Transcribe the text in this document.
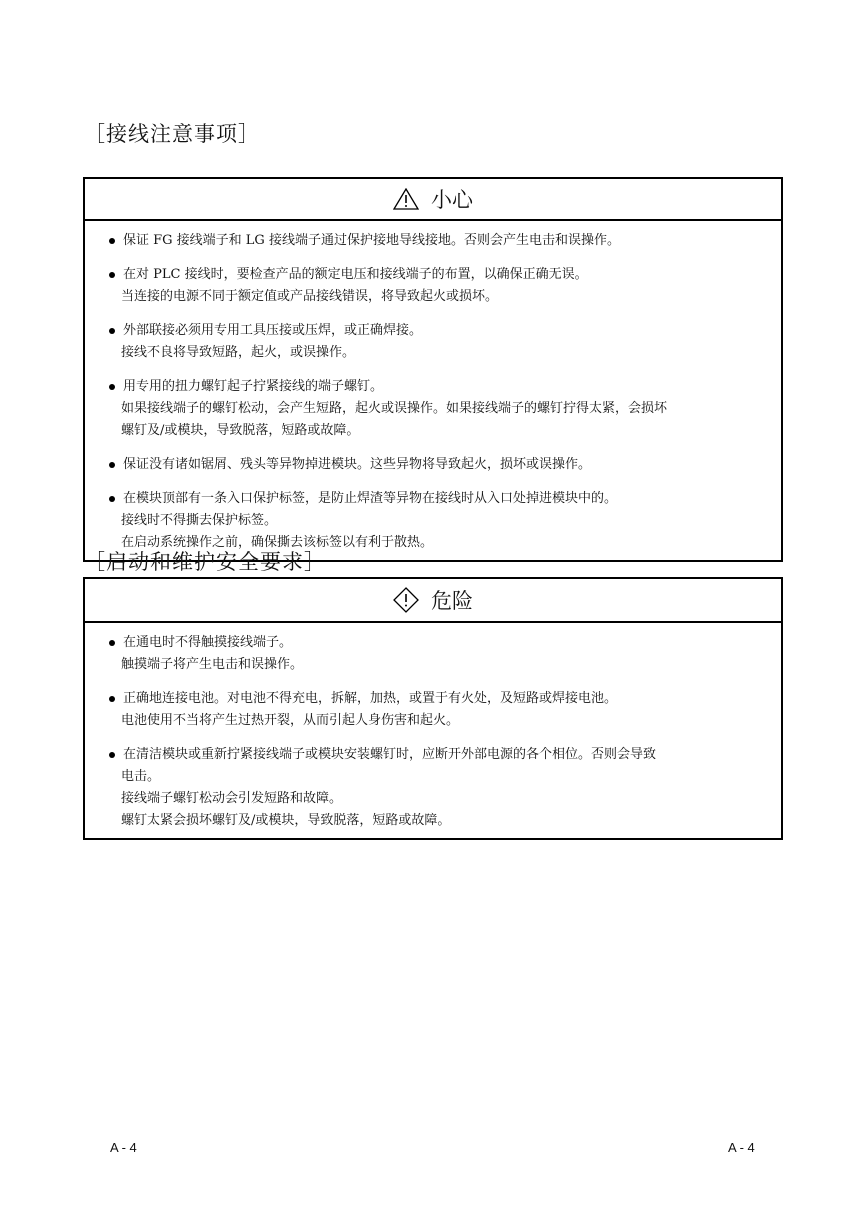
［接线注意事项］
小心
保证 FG 接线端子和 LG 接线端子通过保护接地导线接地。否则会产生电击和误操作。
在对 PLC 接线时，要检查产品的额定电压和接线端子的布置，以确保正确无误。
当连接的电源不同于额定值或产品接线错误，将导致起火或损坏。
外部联接必须用专用工具压接或压焊，或正确焊接。
接线不良将导致短路，起火，或误操作。
用专用的扭力螺钉起子拧紧接线的端子螺钉。
如果接线端子的螺钉松动，会产生短路，起火或误操作。如果接线端子的螺钉拧得太紧，会损坏
螺钉及/或模块，导致脱落，短路或故障。
保证没有诸如锯屑、残头等异物掉进模块。这些异物将导致起火，损坏或误操作。
在模块顶部有一条入口保护标签，是防止焊渣等异物在接线时从入口处掉进模块中的。
接线时不得撕去保护标签。
在启动系统操作之前，确保撕去该标签以有利于散热。
［启动和维护安全要求］
危险
在通电时不得触摸接线端子。
触摸端子将产生电击和误操作。
正确地连接电池。对电池不得充电，拆解，加热，或置于有火处，及短路或焊接电池。
电池使用不当将产生过热开裂，从而引起人身伤害和起火。
在清洁模块或重新拧紧接线端子或模块安装螺钉时，应断开外部电源的各个相位。否则会导致
电击。
接线端子螺钉松动会引发短路和故障。
螺钉太紧会损坏螺钉及/或模块，导致脱落，短路或故障。
A - 4	A - 4
